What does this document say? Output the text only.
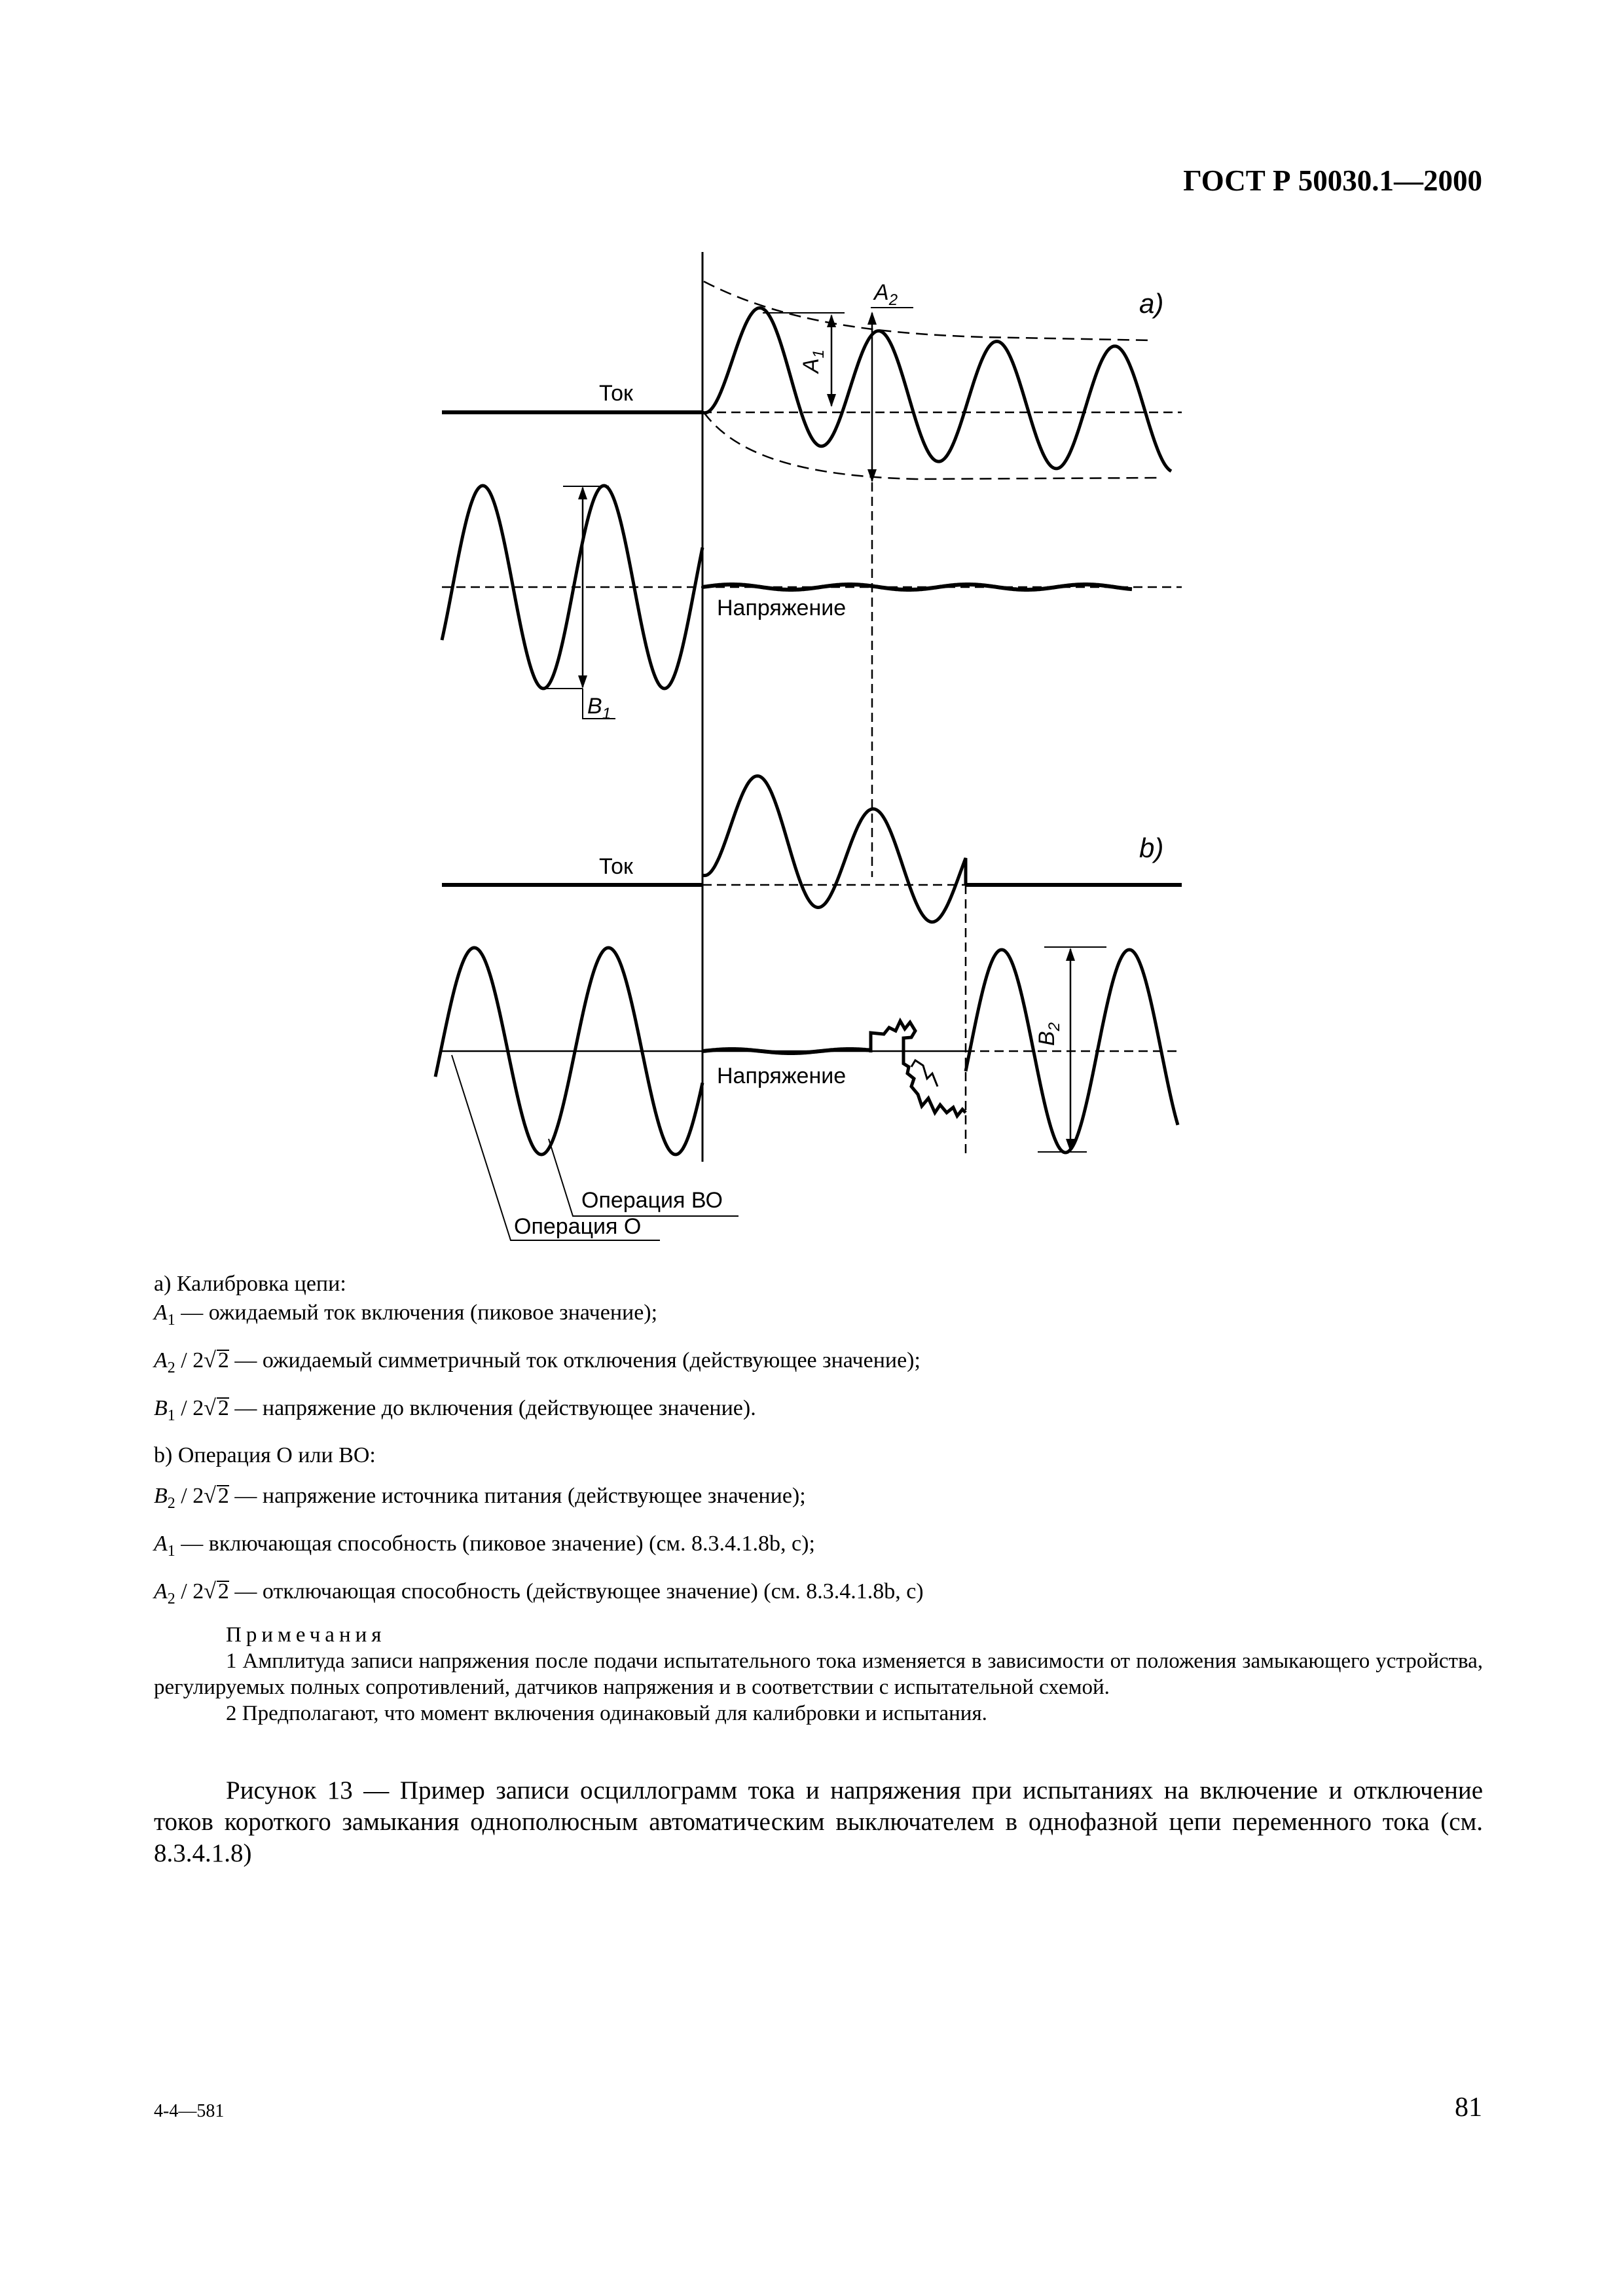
ГОСТ Р 50030.1—2000
$A_1$
$A_2$
Ток
a)
Напряжение
$B_1$
Ток
b)
Напряжение
$B_2$
Операция ВО
Операция О
а) Калибровка цепи:
$A_1$ — ожидаемый ток включения (пиковое значение);
$A_2 / 2√2$ — ожидаемый симметричный ток отключения (действующее значение);
$B_1 / 2√2$ — напряжение до включения (действующее значение).
b) Операция О или ВО:
$B_2 / 2√2$ — напряжение источника питания (действующее значение);
$A_1$ — включающая способность (пиковое значение) (см. 8.3.4.1.8b, с);
$A_2 / 2√2$ — отключающая способность (действующее значение) (см. 8.3.4.1.8b, с)
Примечания
1 Амплитуда записи напряжения после подачи испытательного тока изменяется в зависимости от положения замыкающего устройства, регулируемых полных сопротивлений, датчиков напряжения и в соответствии с испытательной схемой.
2 Предполагают, что момент включения одинаковый для калибровки и испытания.
Рисунок 13 — Пример записи осциллограмм тока и напряжения при испытаниях на включение и отключение токов короткого замыкания однополюсным автоматическим выключателем в однофазной цепи переменного тока (см. 8.3.4.1.8)
4-4—581	81
